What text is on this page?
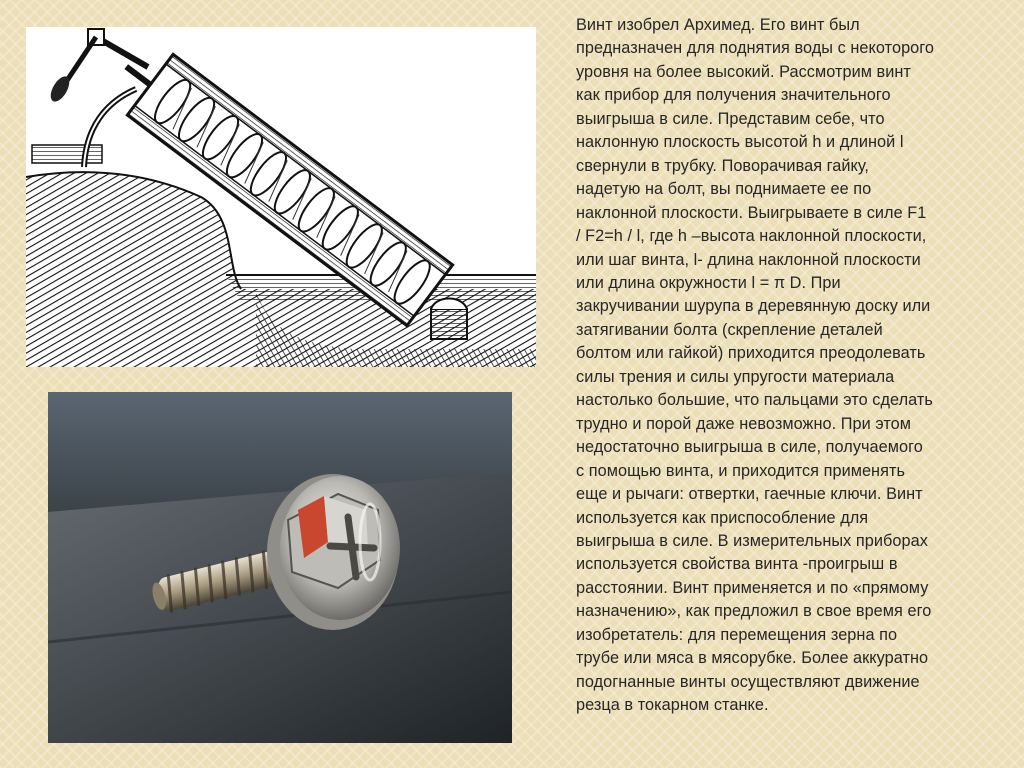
Винт изобрел Архимед. Его винт был
предназначен для поднятия воды с некоторого
уровня на более высокий. Рассмотрим винт
как прибор для получения значительного
выигрыша в силе. Представим себе, что
наклонную плоскость высотой h и длиной l
свернули в трубку. Поворачивая гайку,
надетую на болт, вы поднимаете ее по
наклонной плоскости. Выигрываете в силе F1
/ F2=h / l, где h –высота наклонной плоскости,
или шаг винта, l- длина наклонной плоскости
или длина окружности l = π D. При
закручивании шурупа в деревянную доску или
затягивании болта (скрепление деталей
болтом или гайкой) приходится преодолевать
силы трения и силы упругости материала
настолько большие, что пальцами это сделать
трудно и порой даже невозможно. При этом
недостаточно выигрыша в силе, получаемого
с помощью винта, и приходится применять
еще и рычаги: отвертки, гаечные ключи. Винт
используется как приспособление для
выигрыша в силе. В измерительных приборах
используется свойства винта -проигрыш в
расстоянии. Винт применяется и по «прямому
назначению», как предложил в свое время его
изобретатель: для перемещения зерна по
трубе или мяса в мясорубке. Более аккуратно
подогнанные винты осуществляют движение
резца в токарном станке.
